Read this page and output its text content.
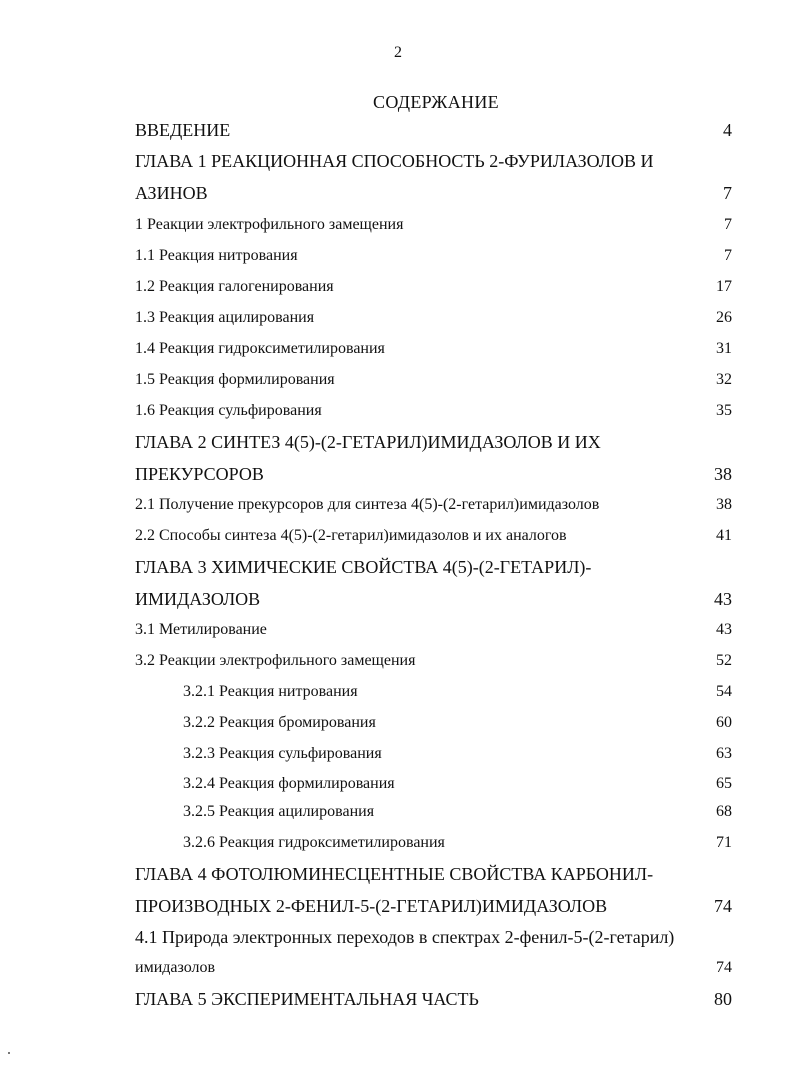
2
СОДЕРЖАНИЕ
ВВЕДЕНИЕ	4
ГЛАВА 1 РЕАКЦИОННАЯ СПОСОБНОСТЬ 2-ФУРИЛАЗОЛОВ И
АЗИНОВ	7
1 Реакции электрофильного замещения	7
1.1 Реакция нитрования	7
1.2 Реакция галогенирования	17
1.3 Реакция ацилирования	26
1.4 Реакция гидроксиметилирования	31
1.5 Реакция формилирования	32
1.6 Реакция сульфирования	35
ГЛАВА 2 СИНТЕЗ 4(5)-(2-ГЕТАРИЛ)ИМИДАЗОЛОВ И ИХ
ПРЕКУРСОРОВ	38
2.1 Получение прекурсоров для синтеза 4(5)-(2-гетарил)имидазолов	38
2.2 Способы синтеза 4(5)-(2-гетарил)имидазолов и их аналогов	41
ГЛАВА 3 ХИМИЧЕСКИЕ СВОЙСТВА 4(5)-(2-ГЕТАРИЛ)-
ИМИДАЗОЛОВ	43
3.1 Метилирование	43
3.2 Реакции электрофильного замещения	52
3.2.1 Реакция нитрования	54
3.2.2 Реакция бромирования	60
3.2.3 Реакция сульфирования	63
3.2.4 Реакция формилирования	65
3.2.5 Реакция ацилирования	68
3.2.6 Реакция гидроксиметилирования	71
ГЛАВА 4 ФОТОЛЮМИНЕСЦЕНТНЫЕ СВОЙСТВА КАРБОНИЛ-
ПРОИЗВОДНЫХ 2-ФЕНИЛ-5-(2-ГЕТАРИЛ)ИМИДАЗОЛОВ	74
4.1 Природа электронных переходов в спектрах 2-фенил-5-(2-гетарил)
имидазолов	74
ГЛАВА 5 ЭКСПЕРИМЕНТАЛЬНАЯ ЧАСТЬ	80
